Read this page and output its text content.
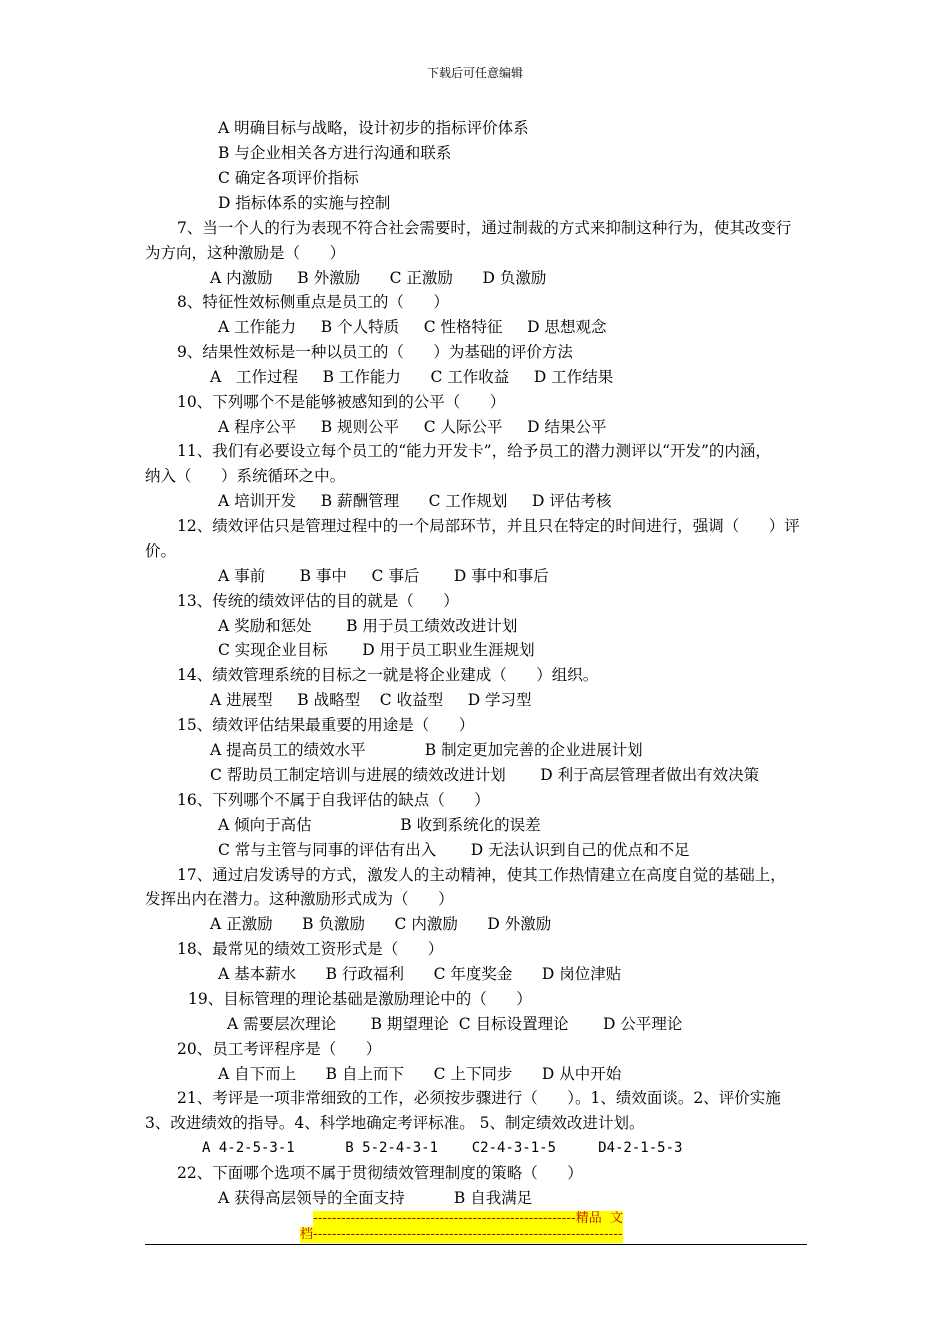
下载后可任意编辑
A 明确目标与战略，设计初步的指标评价体系
B 与企业相关各方进行沟通和联系
C 确定各项评价指标
D 指标体系的实施与控制
7、当一个人的行为表现不符合社会需要时，通过制裁的方式来抑制这种行为，使其改变行
为方向，这种激励是（      ）
A 内激励     B 外激励      C 正激励      D 负激励
8、特征性效标侧重点是员工的（      ）
A 工作能力     B 个人特质     C 性格特征     D 思想观念
9、结果性效标是一种以员工的（      ）为基础的评价方法
A   工作过程     B 工作能力      C 工作收益     D 工作结果
10、下列哪个不是能够被感知到的公平（      ）
A 程序公平     B 规则公平     C 人际公平     D 结果公平
11、我们有必要设立每个员工的“能力开发卡”，给予员工的潜力测评以“开发”的内涵，
纳入（      ）系统循环之中。
A 培训开发     B 薪酬管理      C 工作规划     D 评估考核
12、绩效评估只是管理过程中的一个局部环节，并且只在特定的时间进行，强调（      ）评
价。
A 事前       B 事中     C 事后       D 事中和事后
13、传统的绩效评估的目的就是（      ）
A 奖励和惩处       B 用于员工绩效改进计划
C 实现企业目标       D 用于员工职业生涯规划
14、绩效管理系统的目标之一就是将企业建成（      ）组织。
A 进展型     B 战略型    C 收益型     D 学习型
15、绩效评估结果最重要的用途是（      ）
A 提高员工的绩效水平            B 制定更加完善的企业进展计划
C 帮助员工制定培训与进展的绩效改进计划       D 利于高层管理者做出有效决策
16、下列哪个不属于自我评估的缺点（      ）
A 倾向于高估                  B 收到系统化的误差
C 常与主管与同事的评估有出入       D 无法认识到自己的优点和不足
17、通过启发诱导的方式，激发人的主动精神，使其工作热情建立在高度自觉的基础上，
发挥出内在潜力。这种激励形式成为（      ）
A 正激励      B 负激励      C 内激励      D 外激励
18、最常见的绩效工资形式是（      ）
A 基本薪水      B 行政福利      C 年度奖金      D 岗位津贴
19、目标管理的理论基础是激励理论中的（      ）
A 需要层次理论       B 期望理论  C 目标设置理论       D 公平理论
20、员工考评程序是（      ）
A 自下而上      B 自上而下      C 上下同步      D 从中开始
21、考评是一项非常细致的工作，必须按步骤进行（      ）。1、绩效面谈。2、评价实施
3、改进绩效的指导。4、科学地确定考评标准。 5、制定绩效改进计划。
A 4-2-5-3-1      B 5-2-4-3-1    C2-4-3-1-5     D4-2-1-5-3
22、下面哪个选项不属于贯彻绩效管理制度的策略（      ）
A 获得高层领导的全面支持          B 自我满足
--------------------------------------------------------精品  文
档------------------------------------------------------------------
